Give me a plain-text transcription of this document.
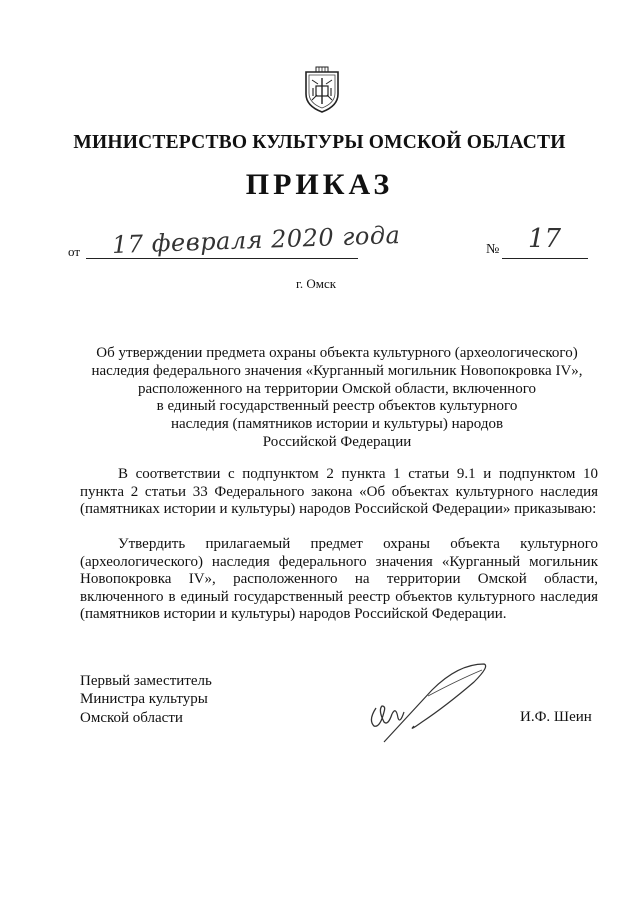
МИНИСТЕРСТВО КУЛЬТУРЫ ОМСКОЙ ОБЛАСТИ
ПРИКАЗ
от 17 февраля 2020 года	№ 17
г. Омск
Об утверждении предмета охраны объекта культурного (археологического)
наследия федерального значения «Курганный могильник Новопокровка IV»,
расположенного на территории Омской области, включенного
в единый государственный реестр объектов культурного
наследия (памятников истории и культуры) народов
Российской Федерации
В соответствии с подпунктом 2 пункта 1 статьи 9.1 и подпунктом 10 пункта 2 статьи 33 Федерального закона «Об объектах культурного наследия (памятниках истории и культуры) народов Российской Федерации» приказываю:
Утвердить прилагаемый предмет охраны объекта культурного (археологического) наследия федерального значения «Курганный могильник Новопокровка IV», расположенного на территории Омской области, включенного в единый государственный реестр объектов культурного наследия (памятников истории и культуры) народов Российской Федерации.
Первый заместитель
Министра культуры
Омской области	И.Ф. Шеин
